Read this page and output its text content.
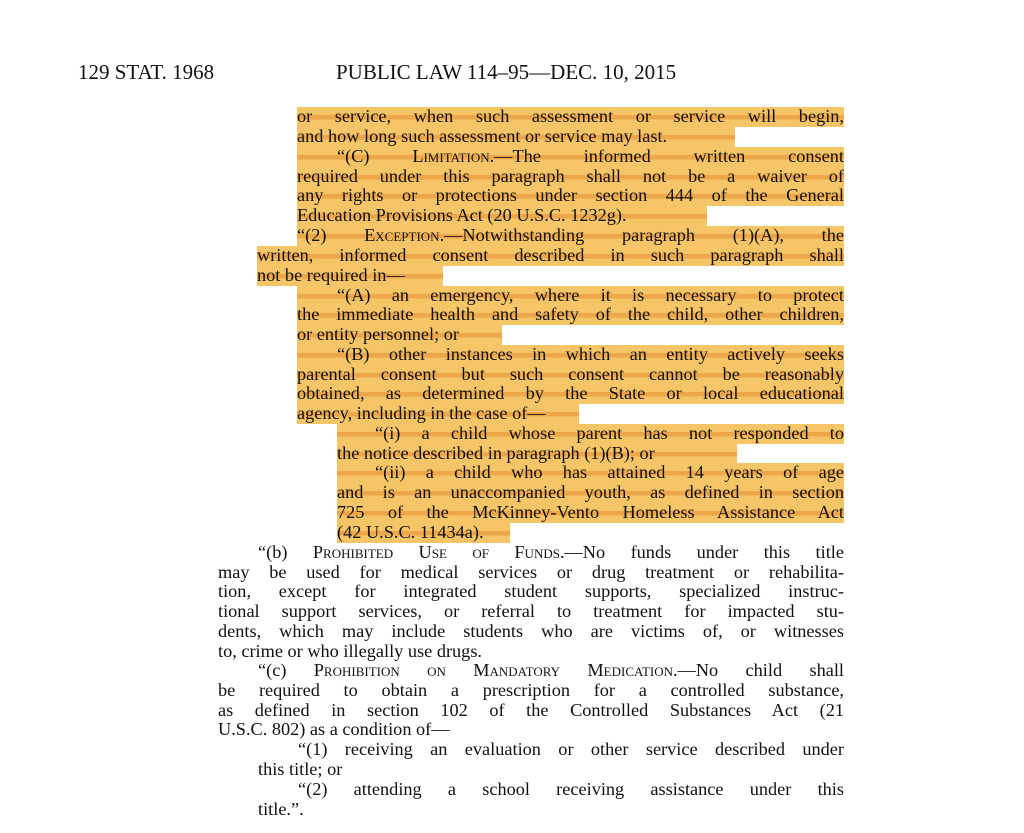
129 STAT. 1968	PUBLIC LAW 114–95—DEC. 10, 2015
or service, when such assessment or service will begin,
and how long such assessment or service may last.
“(C) Limitation.—The informed written consent
required under this paragraph shall not be a waiver of
any rights or protections under section 444 of the General
Education Provisions Act (20 U.S.C. 1232g).
“(2) Exception.—Notwithstanding paragraph (1)(A), the
written, informed consent described in such paragraph shall
not be required in—
“(A) an emergency, where it is necessary to protect
the immediate health and safety of the child, other children,
or entity personnel; or
“(B) other instances in which an entity actively seeks
parental consent but such consent cannot be reasonably
obtained, as determined by the State or local educational
agency, including in the case of—
“(i) a child whose parent has not responded to
the notice described in paragraph (1)(B); or
“(ii) a child who has attained 14 years of age
and is an unaccompanied youth, as defined in section
725 of the McKinney-Vento Homeless Assistance Act
(42 U.S.C. 11434a).
“(b) Prohibited Use of Funds.—No funds under this title
may be used for medical services or drug treatment or rehabilita-
tion, except for integrated student supports, specialized instruc-
tional support services, or referral to treatment for impacted stu-
dents, which may include students who are victims of, or witnesses
to, crime or who illegally use drugs.
“(c) Prohibition on Mandatory Medication.—No child shall
be required to obtain a prescription for a controlled substance,
as defined in section 102 of the Controlled Substances Act (21
U.S.C. 802) as a condition of—
“(1) receiving an evaluation or other service described under
this title; or
“(2) attending a school receiving assistance under this
title.”.
